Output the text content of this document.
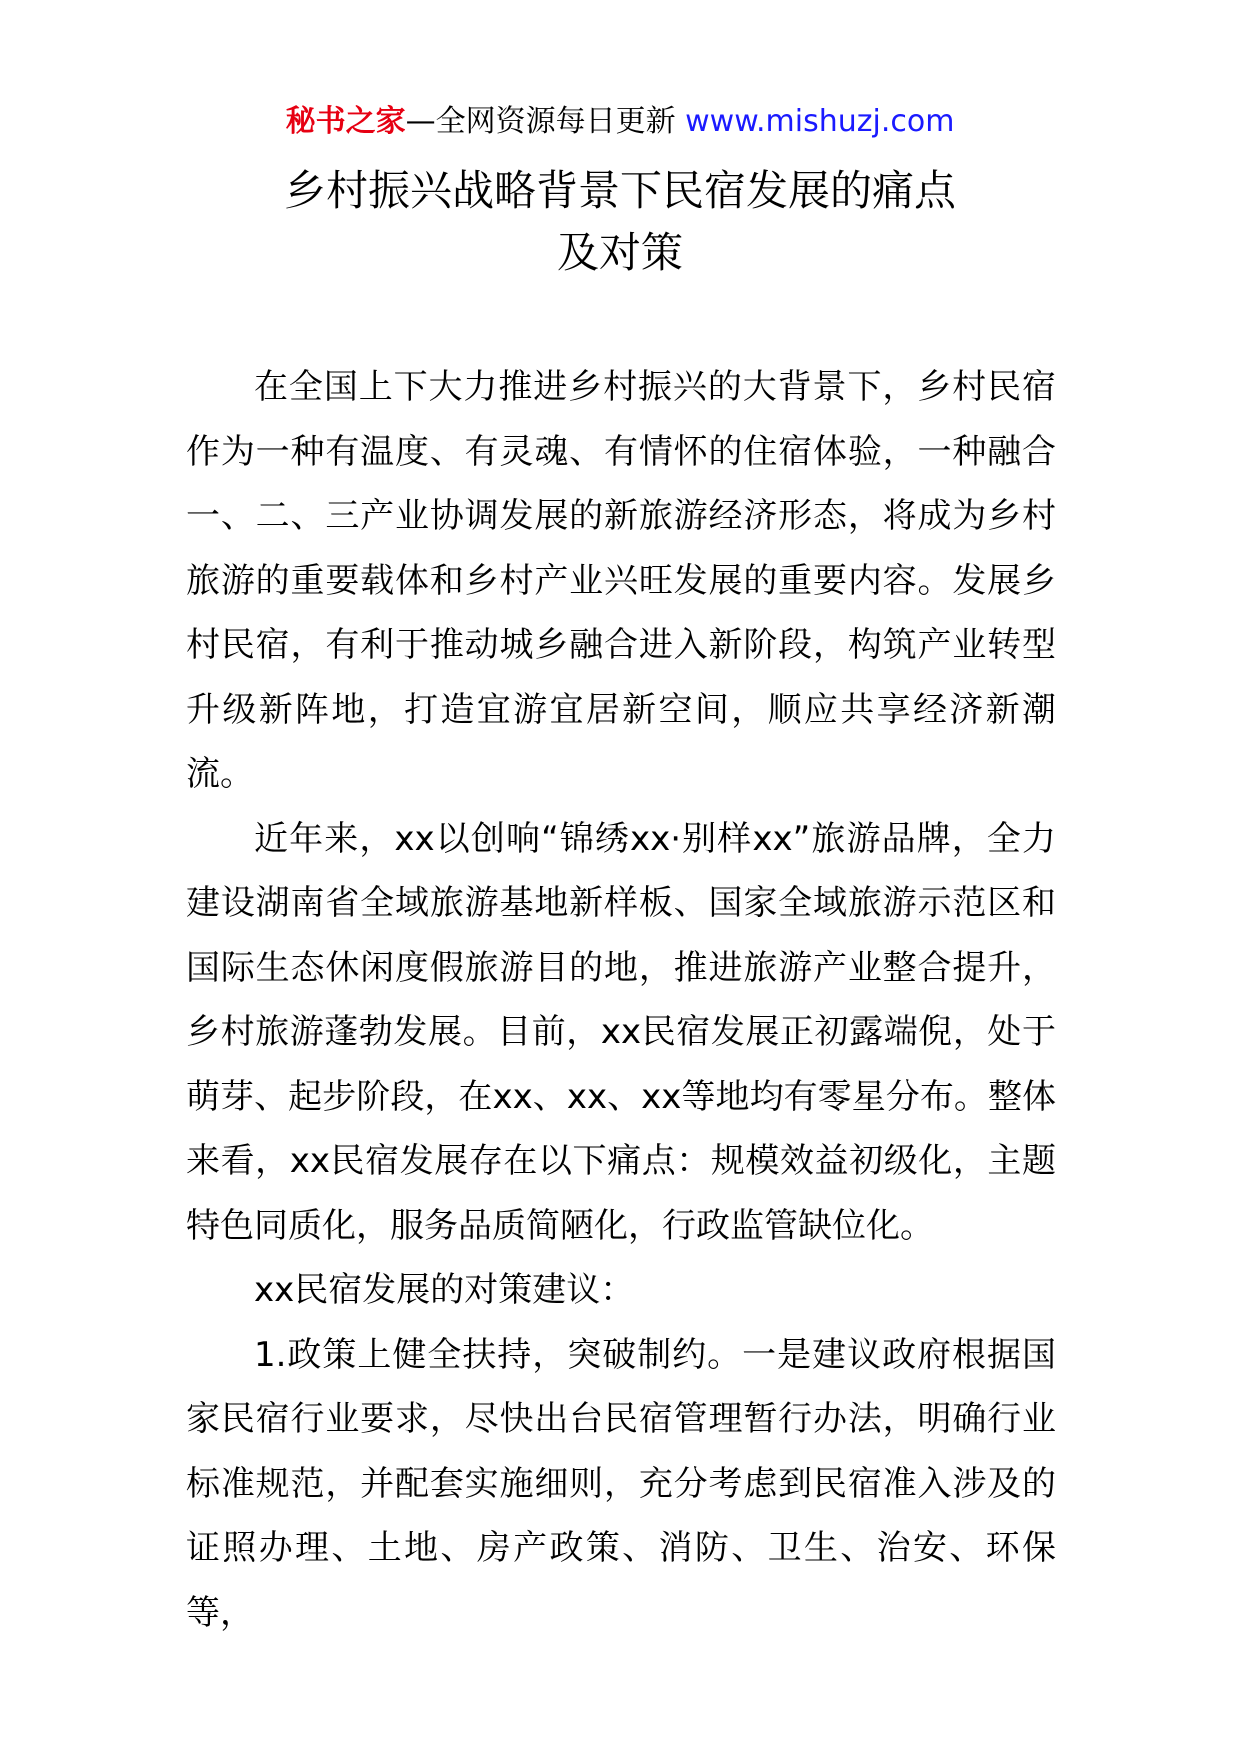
秘书之家—全网资源每日更新 www.mishuzj.com
乡村振兴战略背景下民宿发展的痛点
及对策

在全国上下大力推进乡村振兴的大背景下，乡村民宿作为一种有温度、有灵魂、有情怀的住宿体验，一种融合一、二、三产业协调发展的新旅游经济形态，将成为乡村旅游的重要载体和乡村产业兴旺发展的重要内容。发展乡村民宿，有利于推动城乡融合进入新阶段，构筑产业转型升级新阵地，打造宜游宜居新空间，顺应共享经济新潮流。

近年来，xx以创响“锦绣xx·别样xx”旅游品牌，全力建设湖南省全域旅游基地新样板、国家全域旅游示范区和国际生态休闲度假旅游目的地，推进旅游产业整合提升，乡村旅游蓬勃发展。目前，xx民宿发展正初露端倪，处于萌芽、起步阶段，在xx、xx、xx等地均有零星分布。整体来看，xx民宿发展存在以下痛点：规模效益初级化，主题特色同质化，服务品质简陋化，行政监管缺位化。

xx民宿发展的对策建议：

1.政策上健全扶持，突破制约。一是建议政府根据国家民宿行业要求，尽快出台民宿管理暂行办法，明确行业标准规范，并配套实施细则，充分考虑到民宿准入涉及的证照办理、土地、房产政策、消防、卫生、治安、环保等，
